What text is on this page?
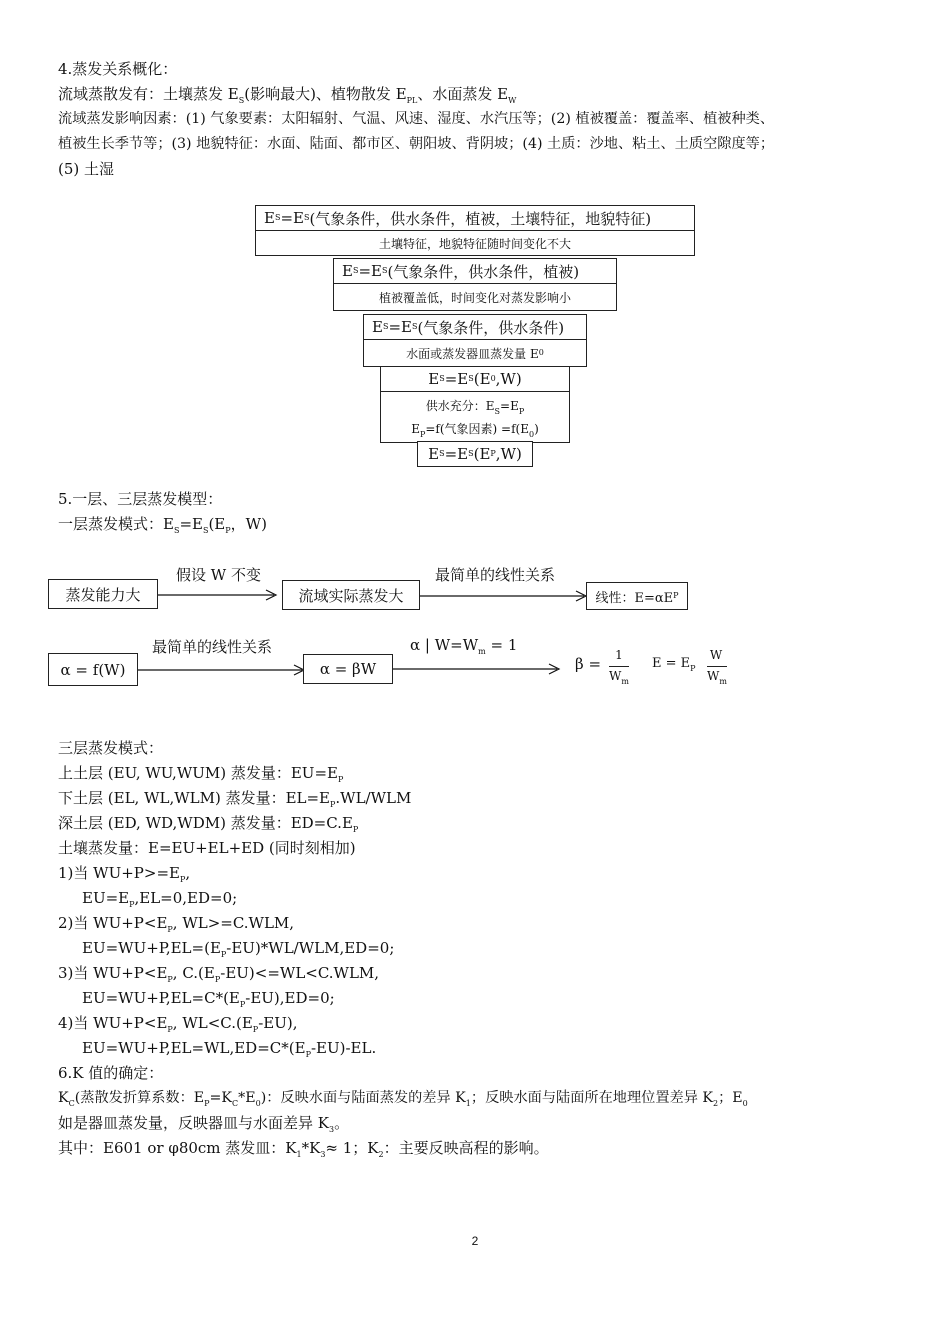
4.蒸发关系概化：
流域蒸散发有：土壤蒸发 $E_S$(影响最大)、植物散发 $E_{PL}$、水面蒸发 $E_W$
流域蒸发影响因素：(1) 气象要素：太阳辐射、气温、风速、湿度、水汽压等；(2) 植被覆盖：覆盖率、植被种类、
植被生长季节等；(3) 地貌特征：水面、陆面、都市区、朝阳坡、背阴坡；(4) 土质：沙地、粘土、土质空隙度等；
(5) 土湿
E S =E S (气象条件，供水条件，植被，土壤特征，地貌特征)
土壤特征，地貌特征随时间变化不大
E S =E S (气象条件，供水条件，植被)
植被覆盖低，时间变化对蒸发影响小
E S =E S (气象条件，供水条件)
水面或蒸发器皿蒸发量 E 0
E S =E S (E 0 ,W)
供水充分：$E_S=E_P$
$E_P=f$(气象因素) $=f(E_0)$
E S =E S (E P ,W)
5.一层、三层蒸发模型：
一层蒸发模式：$E_S=E_S(E_P$，W)
蒸发能力大
假设 W 不变
流域实际蒸发大
最简单的线性关系
线性：E=αE P
α = f(W)
最简单的线性关系
α = βW
α | $W=W_m = 1$
β =	1
$W_m$
$E = E_P$
W
$W_m$
三层蒸发模式：
上土层 (EU, WU,WUM) 蒸发量：$EU=E_P$
下土层 (EL, WL,WLM) 蒸发量：$EL=E_P.WL$/WLM
深土层 (ED, WD,WDM) 蒸发量：$ED=C.E_P$
土壤蒸发量：E=EU+EL+ED (同时刻相加)
1)当 $WU+P>=E_P$,
$EU=E_P,EL=0,ED=0$;
2)当 $WU+P<E_P$, WL>=C.WLM,
$EU=WU+P,EL=(E_P-EU)*WL/WLM,ED=0$;
3)当 $WU+P<E_P$, $C.(E_P-EU)<=WL<C.WLM$,
$EU=WU+P,EL=C*(E_P-EU),ED=0$;
4)当 $WU+P<E_P$, $WL<C.(E_P-EU)$,
$EU=WU+P,EL=WL,ED=C*(E_P-EU)-EL$.
6.K 值的确定：
$K_C$(蒸散发折算系数：$E_P=K_C*E_0$)：反映水面与陆面蒸发的差异 $K_1$；反映水面与陆面所在地理位置差异 $K_2$；$E_0$
如是器皿蒸发量，反映器皿与水面差异 $K_3$。
其中：E601 or φ80cm 蒸发皿：$K_1*K_3\approx 1$；$K_2$：主要反映高程的影响。
2
